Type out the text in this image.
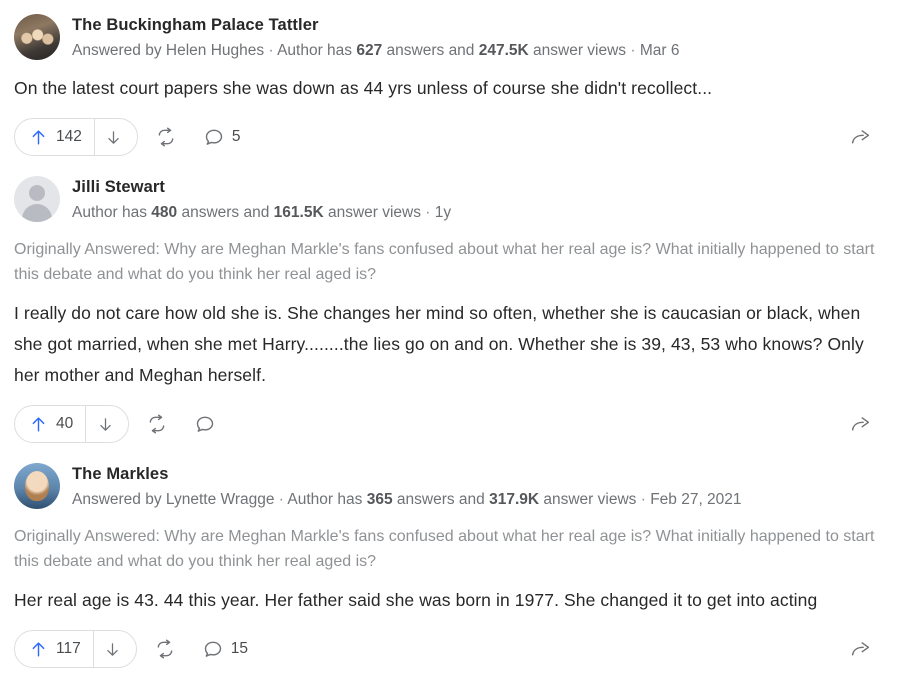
The Buckingham Palace Tattler
Answered by Helen Hughes · Author has 627 answers and 247.5K answer views · Mar 6
On the latest court papers she was down as 44 yrs unless of course she didn't recollect...
142	5
Jilli Stewart
Author has 480 answers and 161.5K answer views · 1y
Originally Answered: Why are Meghan Markle's fans confused about what her real age is? What initially happened to start this debate and what do you think her real aged is?
I really do not care how old she is. She changes her mind so often, whether she is caucasian or black, when she got married, when she met Harry........the lies go on and on. Whether she is 39, 43, 53 who knows? Only her mother and Meghan herself.
40
The Markles
Answered by Lynette Wragge · Author has 365 answers and 317.9K answer views · Feb 27, 2021
Originally Answered: Why are Meghan Markle's fans confused about what her real age is? What initially happened to start this debate and what do you think her real aged is?
Her real age is 43. 44 this year. Her father said she was born in 1977. She changed it to get into acting
117	15
